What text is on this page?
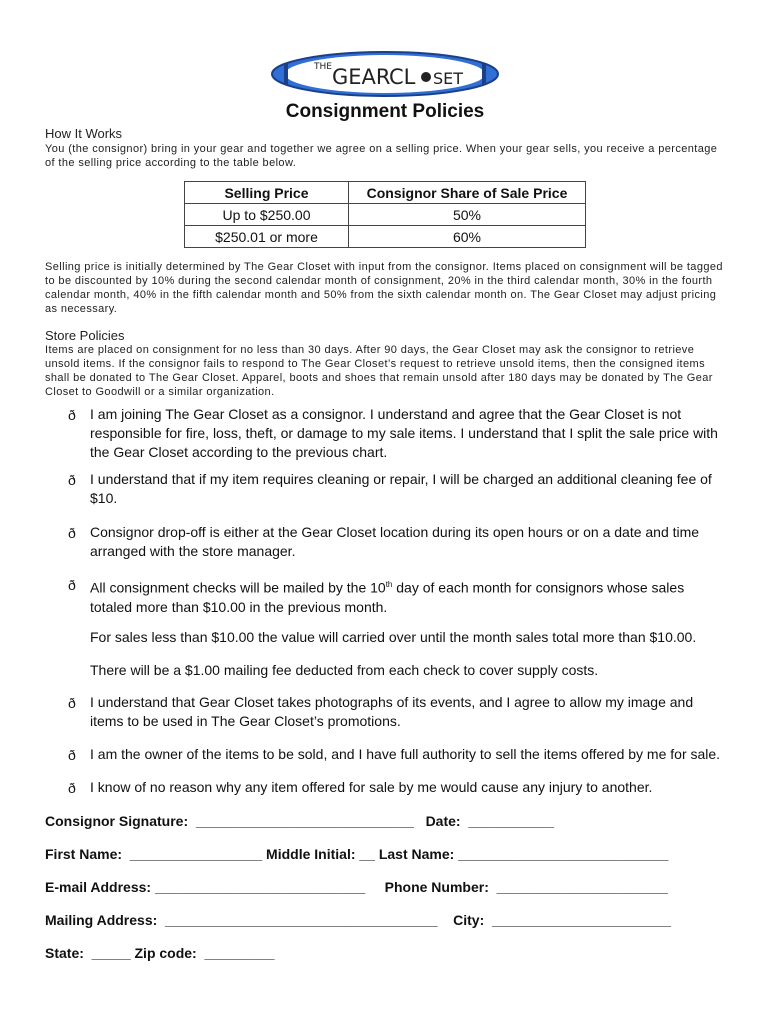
THE GEAR
CL SET
Consignment Policies
How It Works
You (the consignor) bring in your gear and together we agree on a selling price. When your gear sells, you receive a percentage of the selling price according to the table below.
Selling Price	Consignor Share of Sale Price
Up to $250.00	50%
$250.01 or more	60%
Selling price is initially determined by The Gear Closet with input from the consignor. Items placed on consignment will be tagged to be discounted by 10% during the second calendar month of consignment, 20% in the third calendar month, 30% in the fourth calendar month, 40% in the fifth calendar month and 50% from the sixth calendar month on. The Gear Closet may adjust pricing as necessary.
Store Policies
Items are placed on consignment for no less than 30 days. After 90 days, the Gear Closet may ask the consignor to retrieve unsold items. If the consignor fails to respond to The Gear Closet’s request to retrieve unsold items, then the consigned items shall be donated to The Gear Closet. Apparel, boots and shoes that remain unsold after 180 days may be donated by The Gear Closet to Goodwill or a similar organization.
ð I am joining The Gear Closet as a consignor. I understand and agree that the Gear Closet is not responsible for fire, loss, theft, or damage to my sale items. I understand that I split the sale price with the Gear Closet according to the previous chart.
ð I understand that if my item requires cleaning or repair, I will be charged an additional cleaning fee of $10.
ð Consignor drop-off is either at the Gear Closet location during its open hours or on a date and time arranged with the store manager.
ð All consignment checks will be mailed by the 10th day of each month for consignors whose sales totaled more than $10.00 in the previous month.
For sales less than $10.00 the value will carried over until the month sales total more than $10.00.
There will be a $1.00 mailing fee deducted from each check to cover supply costs.
ð I understand that Gear Closet takes photographs of its events, and I agree to allow my image and items to be used in The Gear Closet’s promotions.
ð I am the owner of the items to be sold, and I have full authority to sell the items offered by me for sale.
ð I know of no reason why any item offered for sale by me would cause any injury to another.
Consignor Signature:  ____________________________   Date:  ___________
First Name:  _________________ Middle Initial: __ Last Name: ___________________________
E-mail Address: ___________________________     Phone Number:  ______________________
Mailing Address:  ___________________________________    City:  _______________________
State:  _____ Zip code:  _________
